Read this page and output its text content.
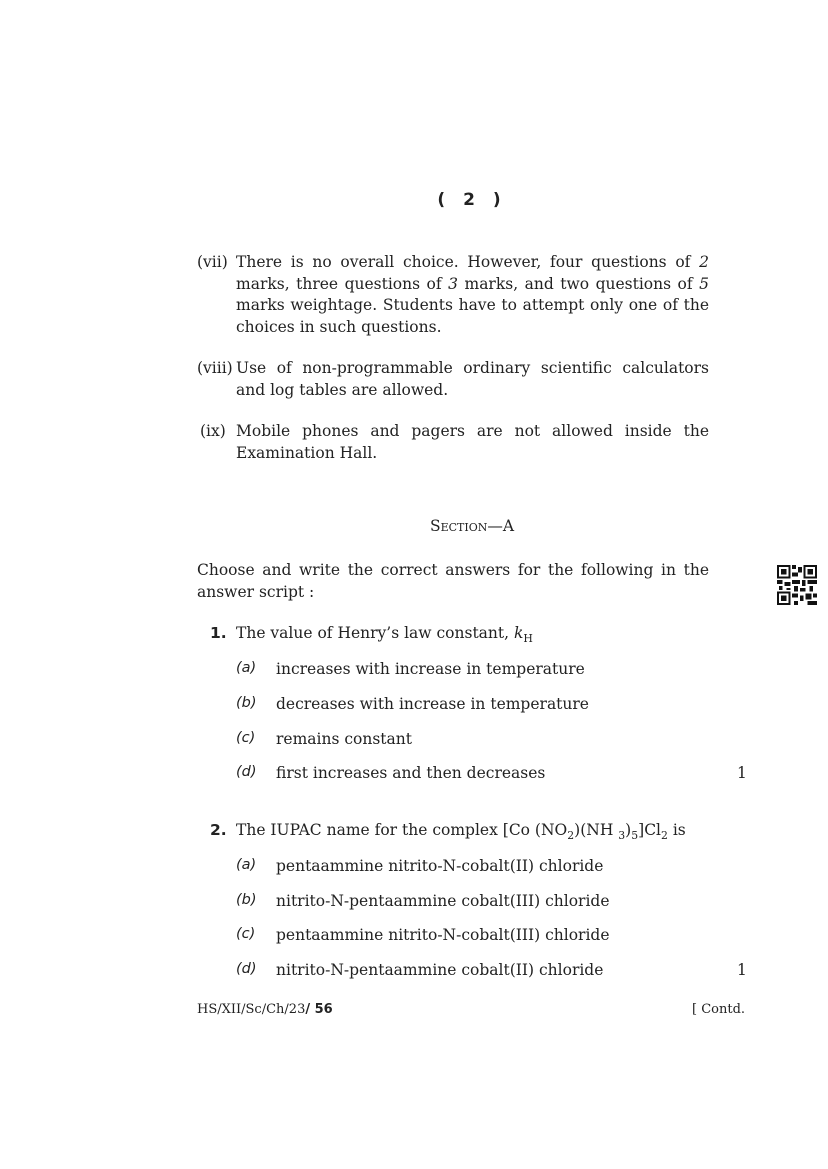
( 2 )
(vii) There is no overall choice. However, four questions of 2 marks, three questions of 3 marks, and two questions of 5 marks weightage. Students have to attempt only one of the choices in such questions.
(viii) Use of non-programmable ordinary scientific calculators and log tables are allowed.
(ix) Mobile phones and pagers are not allowed inside the Examination Hall.
Section—A
Choose and write the correct answers for the following in the answer script :
1. The value of Henry’s law constant, $k_H$
(a) increases with increase in temperature
(b) decreases with increase in temperature
(c) remains constant
(d) first increases and then decreases	1
2. The IUPAC name for the complex [Co $(NO_2)(NH$ $_3)_5]Cl_2$ is
(a) pentaammine nitrito-N-cobalt(II) chloride
(b) nitrito-N-pentaammine cobalt(III) chloride
(c) pentaammine nitrito-N-cobalt(III) chloride
(d) nitrito-N-pentaammine cobalt(II) chloride	1
HS/XII/Sc/Ch/23/ 56	[ Contd.
